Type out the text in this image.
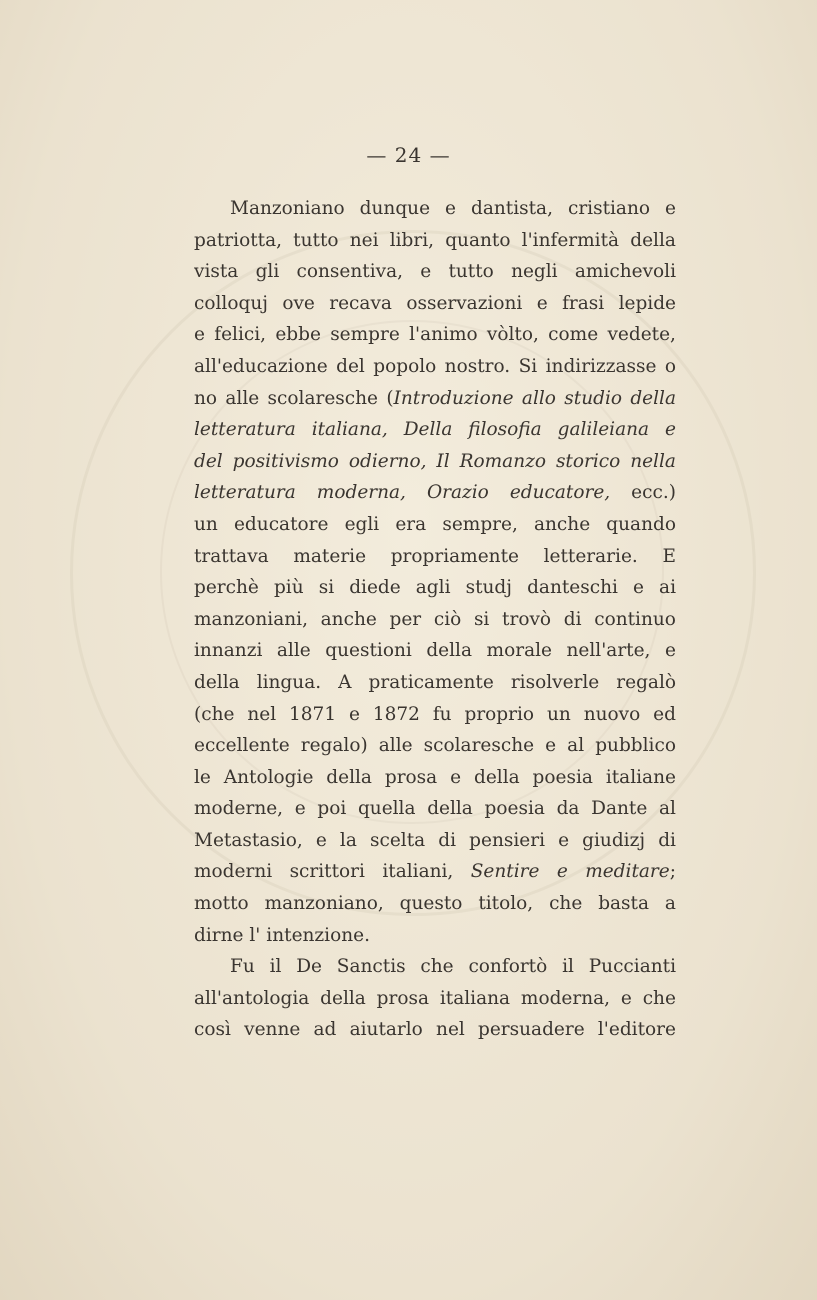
— 24 —
Manzoniano dunque e dantista, cristiano e
patriotta, tutto nei libri, quanto l'infermità della
vista gli consentiva, e tutto negli amichevoli
colloquj ove recava osservazioni e frasi lepide
e felici, ebbe sempre l'animo vòlto, come vedete,
all'educazione del popolo nostro. Si indirizzasse o
no alle scolaresche (Introduzione allo studio della
letteratura italiana, Della filosofia galileiana e
del positivismo odierno, Il Romanzo storico nella
letteratura moderna, Orazio educatore, ecc.)
un educatore egli era sempre, anche quando
trattava materie propriamente letterarie. E
perchè più si diede agli studj danteschi e ai
manzoniani, anche per ciò si trovò di continuo
innanzi alle questioni della morale nell'arte, e
della lingua. A praticamente risolverle regalò
(che nel 1871 e 1872 fu proprio un nuovo ed
eccellente regalo) alle scolaresche e al pubblico
le Antologie della prosa e della poesia italiane
moderne, e poi quella della poesia da Dante al
Metastasio, e la scelta di pensieri e giudizj di
moderni scrittori italiani, Sentire e meditare;
motto manzoniano, questo titolo, che basta a
dirne l' intenzione.
Fu il De Sanctis che confortò il Puccianti
all'antologia della prosa italiana moderna, e che
così venne ad aiutarlo nel persuadere l'editore
